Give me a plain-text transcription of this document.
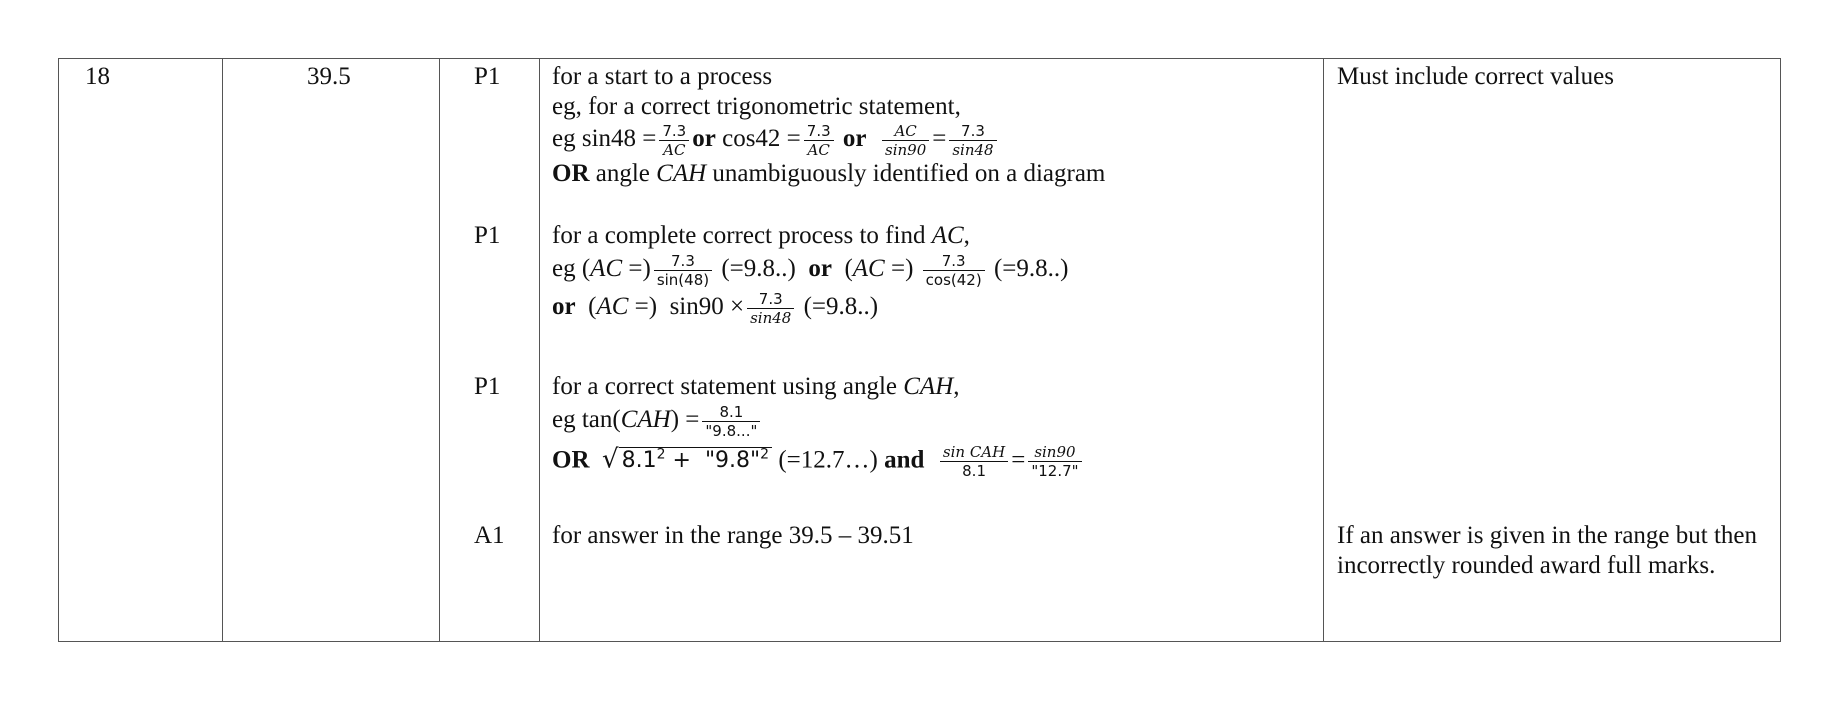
18	39.5	P1 for a start to a process
eg, for a correct trigonometric statement,
eg $\sin 48 = \frac{7.3}{AC}$ or $\cos 42 = \frac{7.3}{AC}$ or $\frac{AC}{\sin 90} = \frac{7.3}{\sin 48}$
OR angle CAH unambiguously identified on a diagram
P1 for a complete correct process to find AC,
eg (AC =) $\frac{7.3}{\sin(48)} (=9.8..)$ or (AC =) $\frac{7.3}{\cos(42)} (=9.8..)$
or (AC =) $\sin 90 \times \frac{7.3}{\sin 48} (=9.8..)$
P1 for a correct statement using angle CAH,
eg $\tan(CAH) = \frac{8.1}{"9.8..."}$
OR √ $8.1^2$ + "9.8"$^2$ (=12.7…) and $\frac{\text{sin CAH}}{8.1} = \frac{\sin 90}{"12.7"}$
A1 for answer in the range 39.5 – 39.51
Must include correct values
If an answer is given in the range but then incorrectly rounded award full marks.
